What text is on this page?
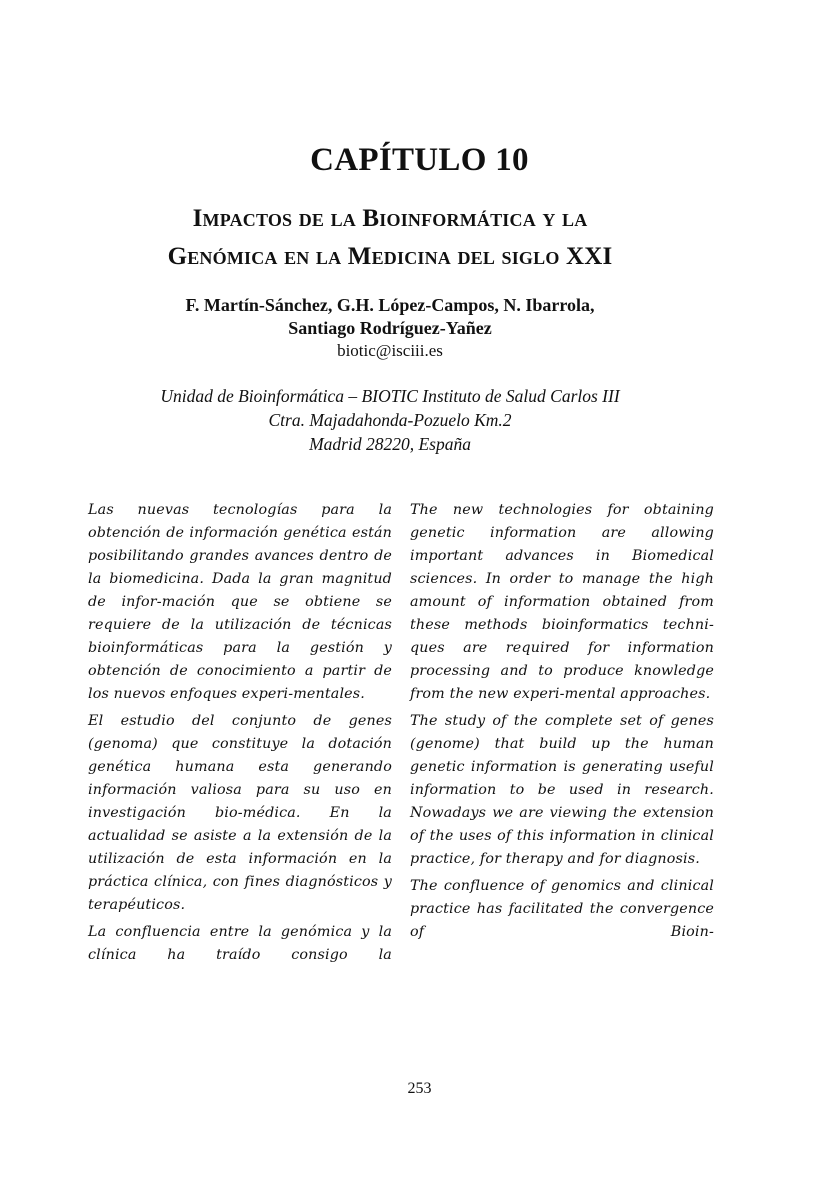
CAPÍTULO 10
Impactos de la Bioinformática y la
Genómica en la Medicina del siglo XXI
F. Martín-Sánchez, G.H. López-Campos, N. Ibarrola,
Santiago Rodríguez-Yañez
biotic@isciii.es
Unidad de Bioinformática – BIOTIC Instituto de Salud Carlos III
Ctra. Majadahonda-Pozuelo Km.2
Madrid 28220, España

Las nuevas tecnologías para la obtención de información genética están posibilitando grandes avances dentro de la biomedicina. Dada la gran magnitud de infor-mación que se obtiene se requiere de la utilización de técnicas bioinformáticas para la gestión y obtención de conocimiento a partir de los nuevos enfoques experi-mentales.

El estudio del conjunto de genes (genoma) que constituye la dotación genética humana esta generando información valiosa para su uso en investigación bio-médica. En la actualidad se asiste a la extensión de la utilización de esta información en la práctica clínica, con fines diagnósticos y terapéuticos.

La confluencia entre la genómica y la clínica ha traído consigo la

The new technologies for obtaining genetic information are allowing important advances in Biomedical sciences. In order to manage the high amount of information obtained from these methods bioinformatics techni-ques are required for information processing and to produce knowledge from the new experi-mental approaches.

The study of the complete set of genes (genome) that build up the human genetic information is generating useful information to be used in research. Nowadays we are viewing the extension of the uses of this information in clinical practice, for therapy and for diagnosis.

The confluence of genomics and clinical practice has facilitated the convergence of Bioin-

253
